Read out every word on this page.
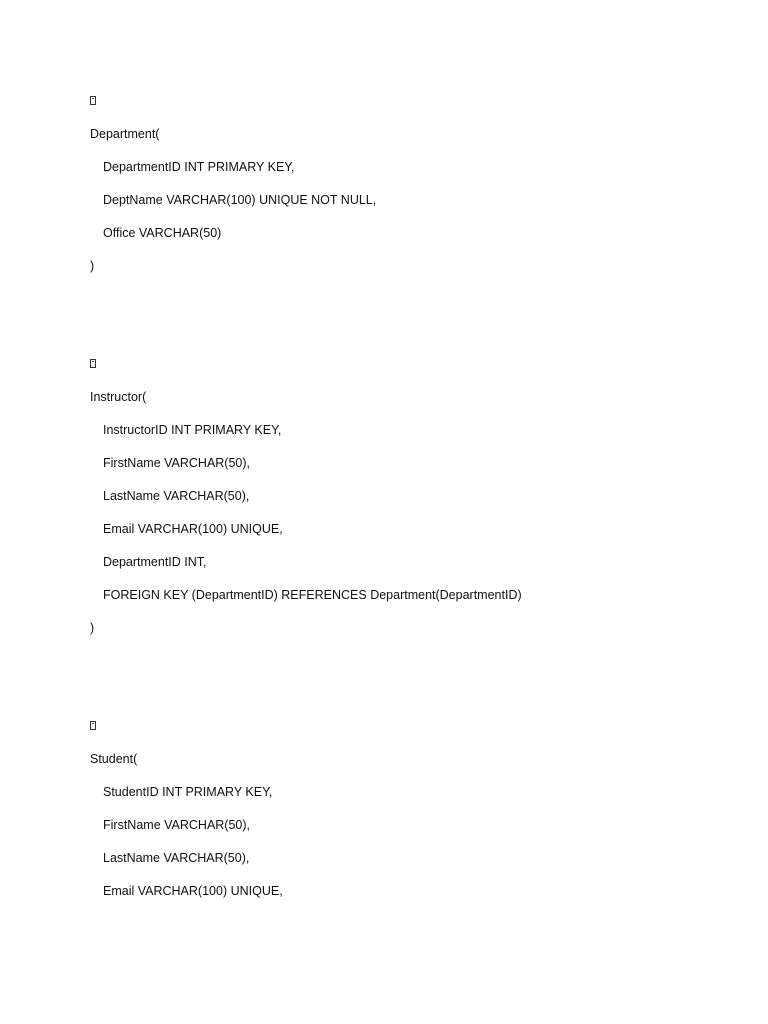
Department(
DepartmentID INT PRIMARY KEY,
DeptName VARCHAR(100) UNIQUE NOT NULL,
Office VARCHAR(50)
)
Instructor(
InstructorID INT PRIMARY KEY,
FirstName VARCHAR(50),
LastName VARCHAR(50),
Email VARCHAR(100) UNIQUE,
DepartmentID INT,
FOREIGN KEY (DepartmentID) REFERENCES Department(DepartmentID)
)
Student(
StudentID INT PRIMARY KEY,
FirstName VARCHAR(50),
LastName VARCHAR(50),
Email VARCHAR(100) UNIQUE,
